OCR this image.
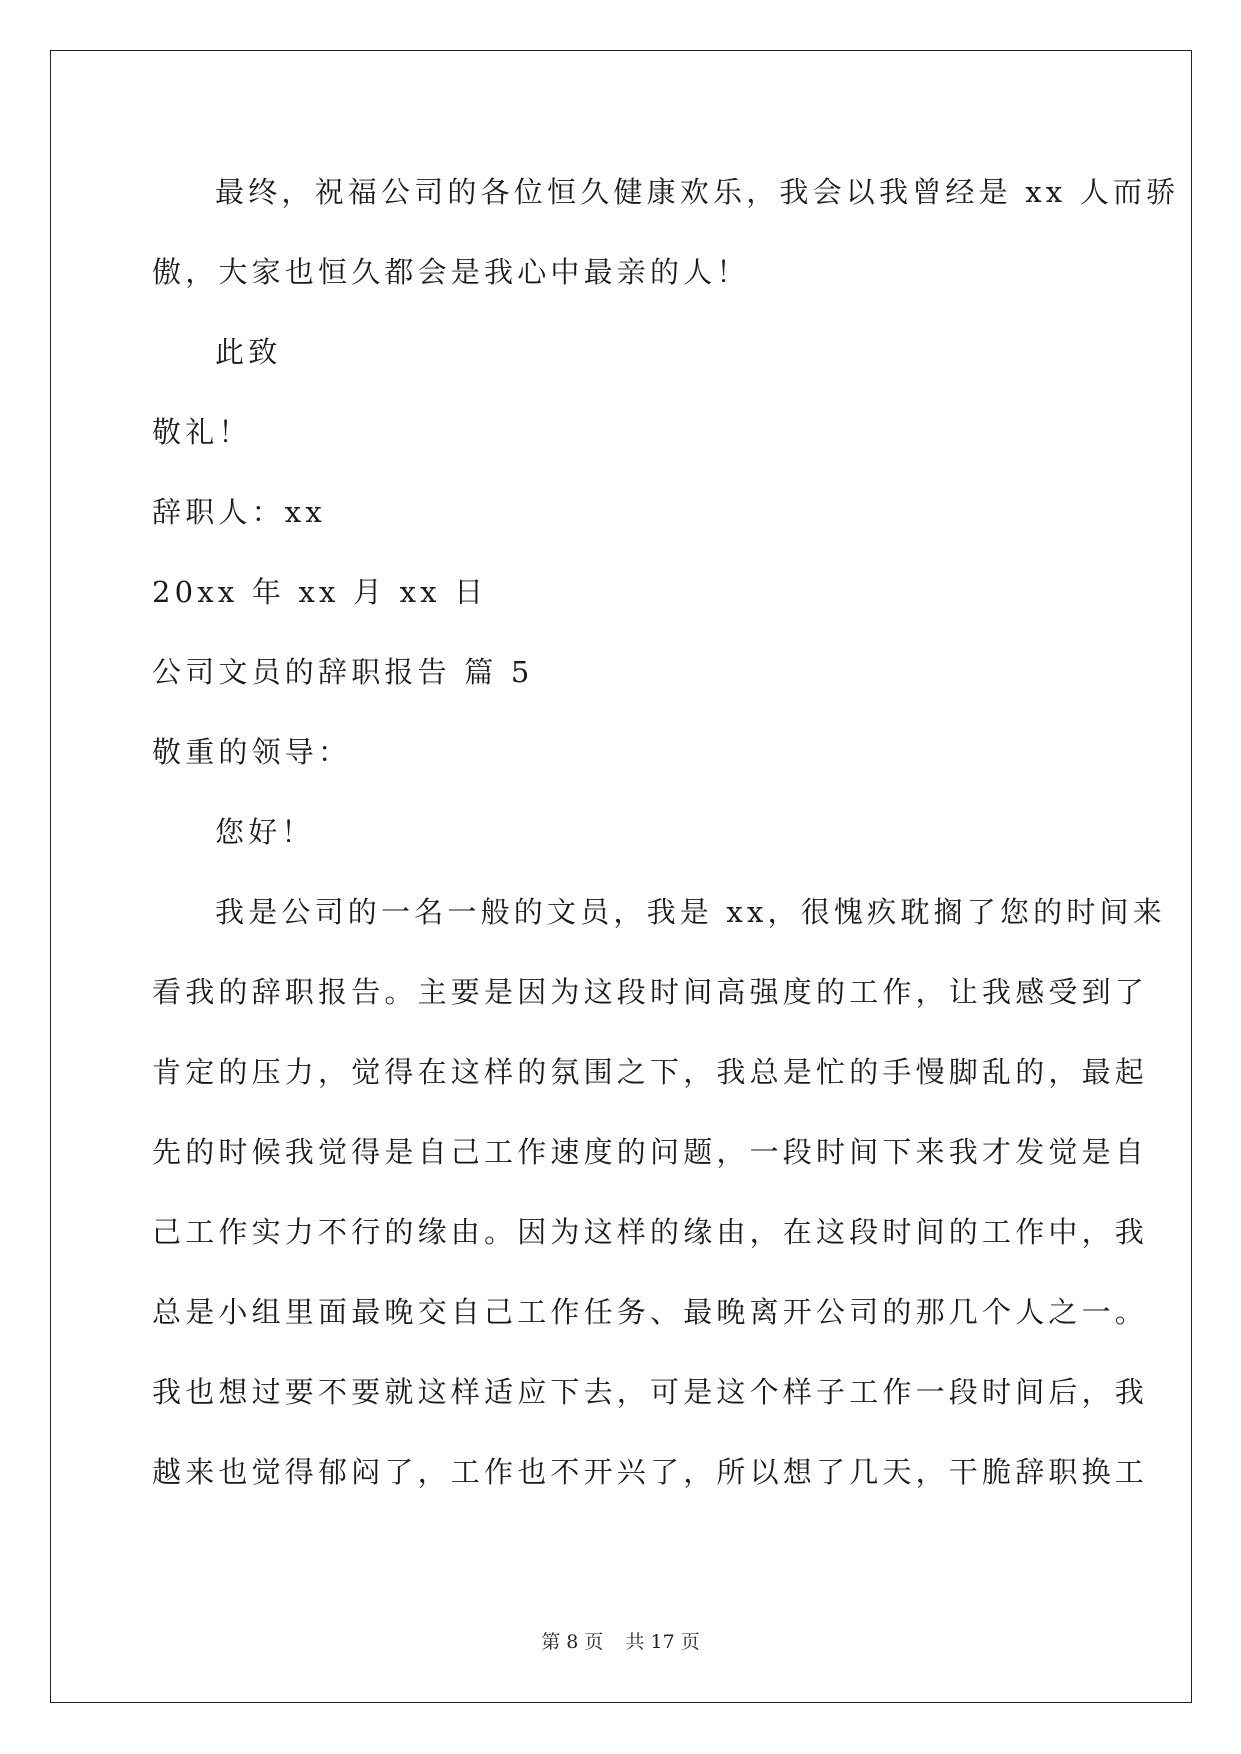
最终，祝福公司的各位恒久健康欢乐，我会以我曾经是 xx 人而骄
傲，大家也恒久都会是我心中最亲的人！
此致
敬礼！
辞职人：xx
20xx 年 xx 月 xx 日
公司文员的辞职报告 篇 5
敬重的领导：
您好！
我是公司的一名一般的文员，我是 xx，很愧疚耽搁了您的时间来
看我的辞职报告。主要是因为这段时间高强度的工作，让我感受到了
肯定的压力，觉得在这样的氛围之下，我总是忙的手慢脚乱的，最起
先的时候我觉得是自己工作速度的问题，一段时间下来我才发觉是自
己工作实力不行的缘由。因为这样的缘由，在这段时间的工作中，我
总是小组里面最晚交自己工作任务、最晚离开公司的那几个人之一。
我也想过要不要就这样适应下去，可是这个样子工作一段时间后，我
越来也觉得郁闷了，工作也不开兴了，所以想了几天，干脆辞职换工
第 8 页 共 17 页
